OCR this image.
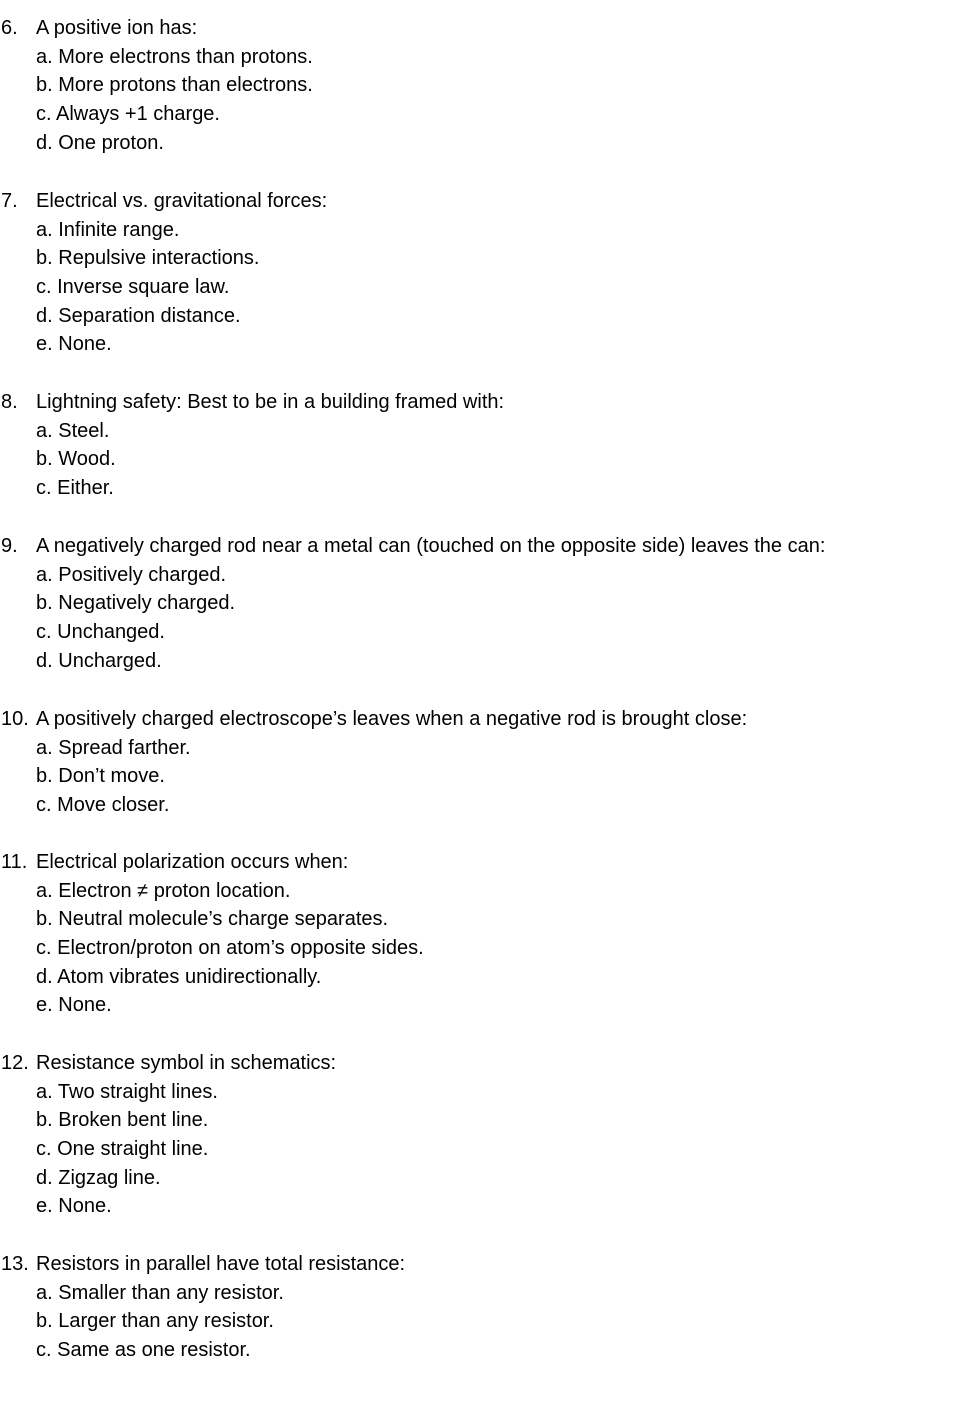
6. A positive ion has:
a. More electrons than protons.
b. More protons than electrons.
c. Always +1 charge.
d. One proton.
7. Electrical vs. gravitational forces:
a. Infinite range.
b. Repulsive interactions.
c. Inverse square law.
d. Separation distance.
e. None.
8. Lightning safety: Best to be in a building framed with:
a. Steel.
b. Wood.
c. Either.
9. A negatively charged rod near a metal can (touched on the opposite side) leaves the can:
a. Positively charged.
b. Negatively charged.
c. Unchanged.
d. Uncharged.
10. A positively charged electroscope’s leaves when a negative rod is brought close:
a. Spread farther.
b. Don’t move.
c. Move closer.
11. Electrical polarization occurs when:
a. Electron ≠ proton location.
b. Neutral molecule’s charge separates.
c. Electron/proton on atom’s opposite sides.
d. Atom vibrates unidirectionally.
e. None.
12. Resistance symbol in schematics:
a. Two straight lines.
b. Broken bent line.
c. One straight line.
d. Zigzag line.
e. None.
13. Resistors in parallel have total resistance:
a. Smaller than any resistor.
b. Larger than any resistor.
c. Same as one resistor.
